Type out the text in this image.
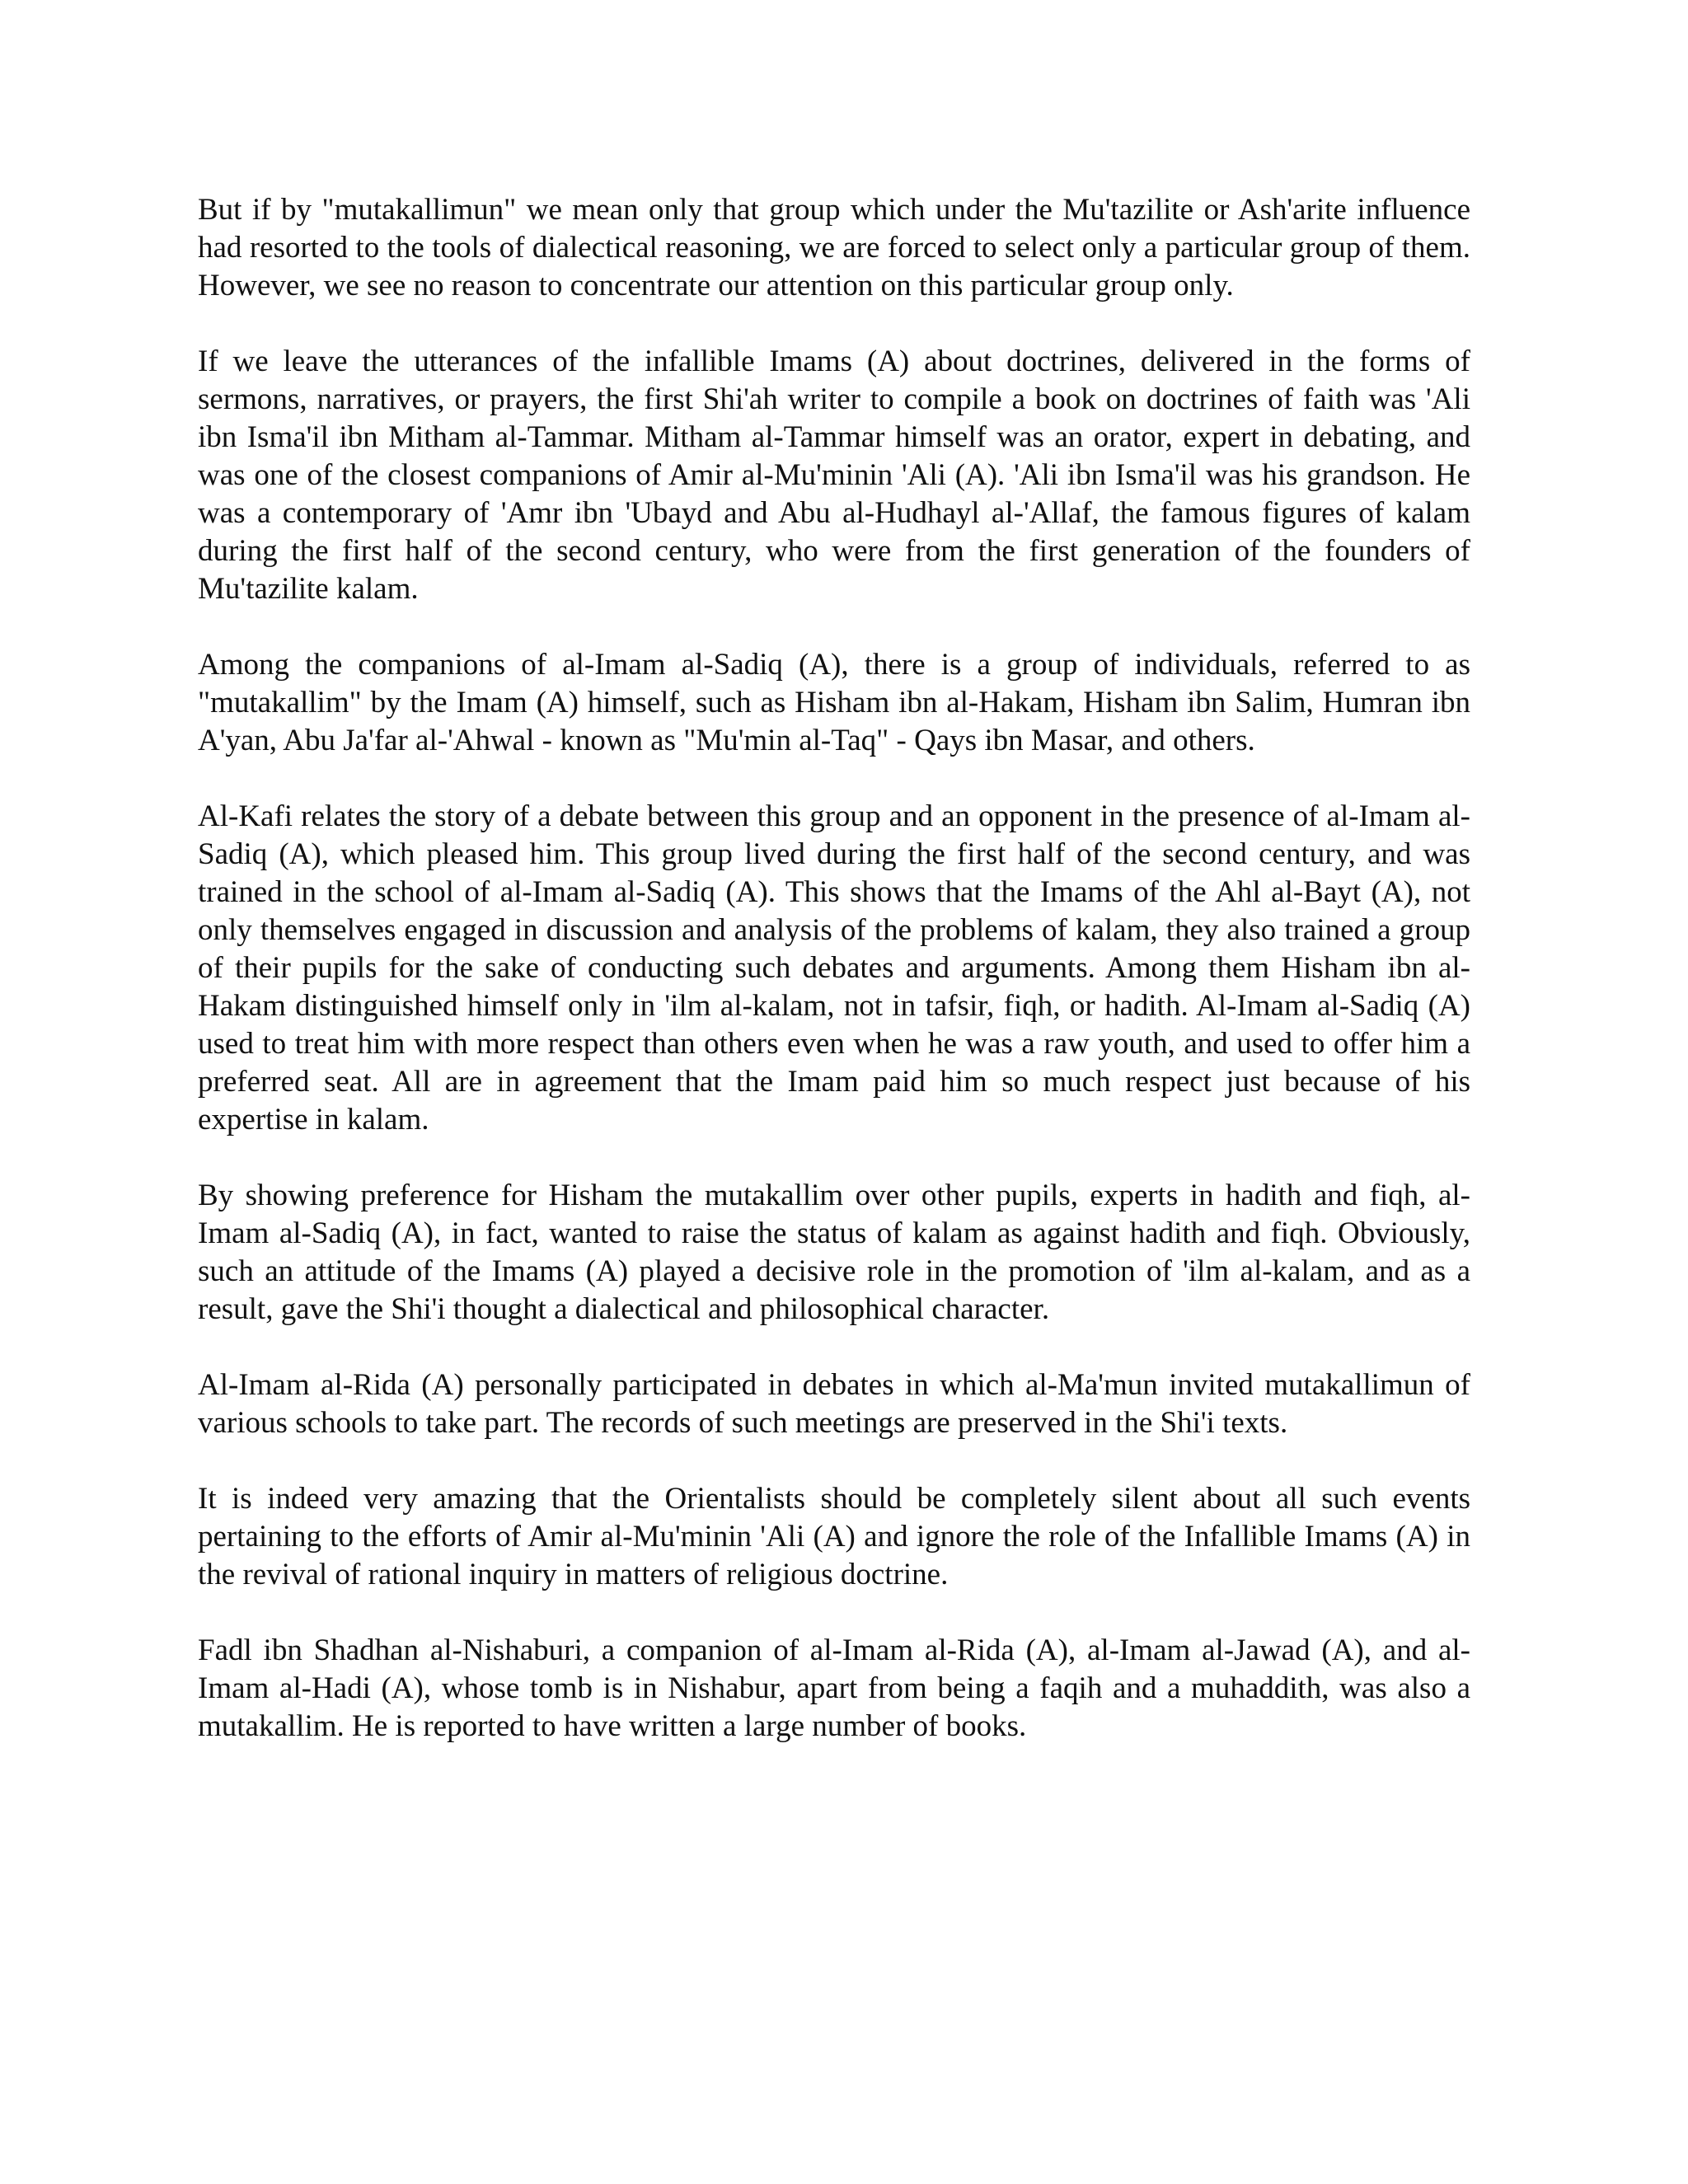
But if by "mutakallimun" we mean only that group which under the Mu'tazilite or Ash'arite influence had resorted to the tools of dialectical reasoning, we are forced to select only a particular group of them. However, we see no reason to concentrate our attention on this particular group only.

If we leave the utterances of the infallible Imams (A) about doctrines, delivered in the forms of sermons, narratives, or prayers, the first Shi'ah writer to compile a book on doctrines of faith was 'Ali ibn Isma'il ibn Mitham al-Tammar. Mitham al-Tammar himself was an orator, expert in debating, and was one of the closest companions of Amir al-Mu'minin 'Ali (A). 'Ali ibn Isma'il was his grandson. He was a contemporary of 'Amr ibn 'Ubayd and Abu al-Hudhayl al-'Allaf, the famous figures of kalam during the first half of the second century, who were from the first generation of the founders of Mu'tazilite kalam.

Among the companions of al-Imam al-Sadiq (A), there is a group of individuals, referred to as "mutakallim" by the Imam (A) himself, such as Hisham ibn al-Hakam, Hisham ibn Salim, Humran ibn A'yan, Abu Ja'far al-'Ahwal - known as "Mu'min al-Taq" - Qays ibn Masar, and others.

Al-Kafi relates the story of a debate between this group and an opponent in the presence of al-Imam al-Sadiq (A), which pleased him. This group lived during the first half of the second century, and was trained in the school of al-Imam al-Sadiq (A). This shows that the Imams of the Ahl al-Bayt (A), not only themselves engaged in discussion and analysis of the problems of kalam, they also trained a group of their pupils for the sake of conducting such debates and arguments. Among them Hisham ibn al-Hakam distinguished himself only in 'ilm al-kalam, not in tafsir, fiqh, or hadith. Al-Imam al-Sadiq (A) used to treat him with more respect than others even when he was a raw youth, and used to offer him a preferred seat. All are in agreement that the Imam paid him so much respect just because of his expertise in kalam.

By showing preference for Hisham the mutakallim over other pupils, experts in hadith and fiqh, al-Imam al-Sadiq (A), in fact, wanted to raise the status of kalam as against hadith and fiqh. Obviously, such an attitude of the Imams (A) played a decisive role in the promotion of 'ilm al-kalam, and as a result, gave the Shi'i thought a dialectical and philosophical character.

Al-Imam al-Rida (A) personally participated in debates in which al-Ma'mun invited mutakallimun of various schools to take part. The records of such meetings are preserved in the Shi'i texts.

It is indeed very amazing that the Orientalists should be completely silent about all such events pertaining to the efforts of Amir al-Mu'minin 'Ali (A) and ignore the role of the Infallible Imams (A) in the revival of rational inquiry in matters of religious doctrine.

Fadl ibn Shadhan al-Nishaburi, a companion of al-Imam al-Rida (A), al-Imam al-Jawad (A), and al-Imam al-Hadi (A), whose tomb is in Nishabur, apart from being a faqih and a muhaddith, was also a mutakallim. He is reported to have written a large number of books.
